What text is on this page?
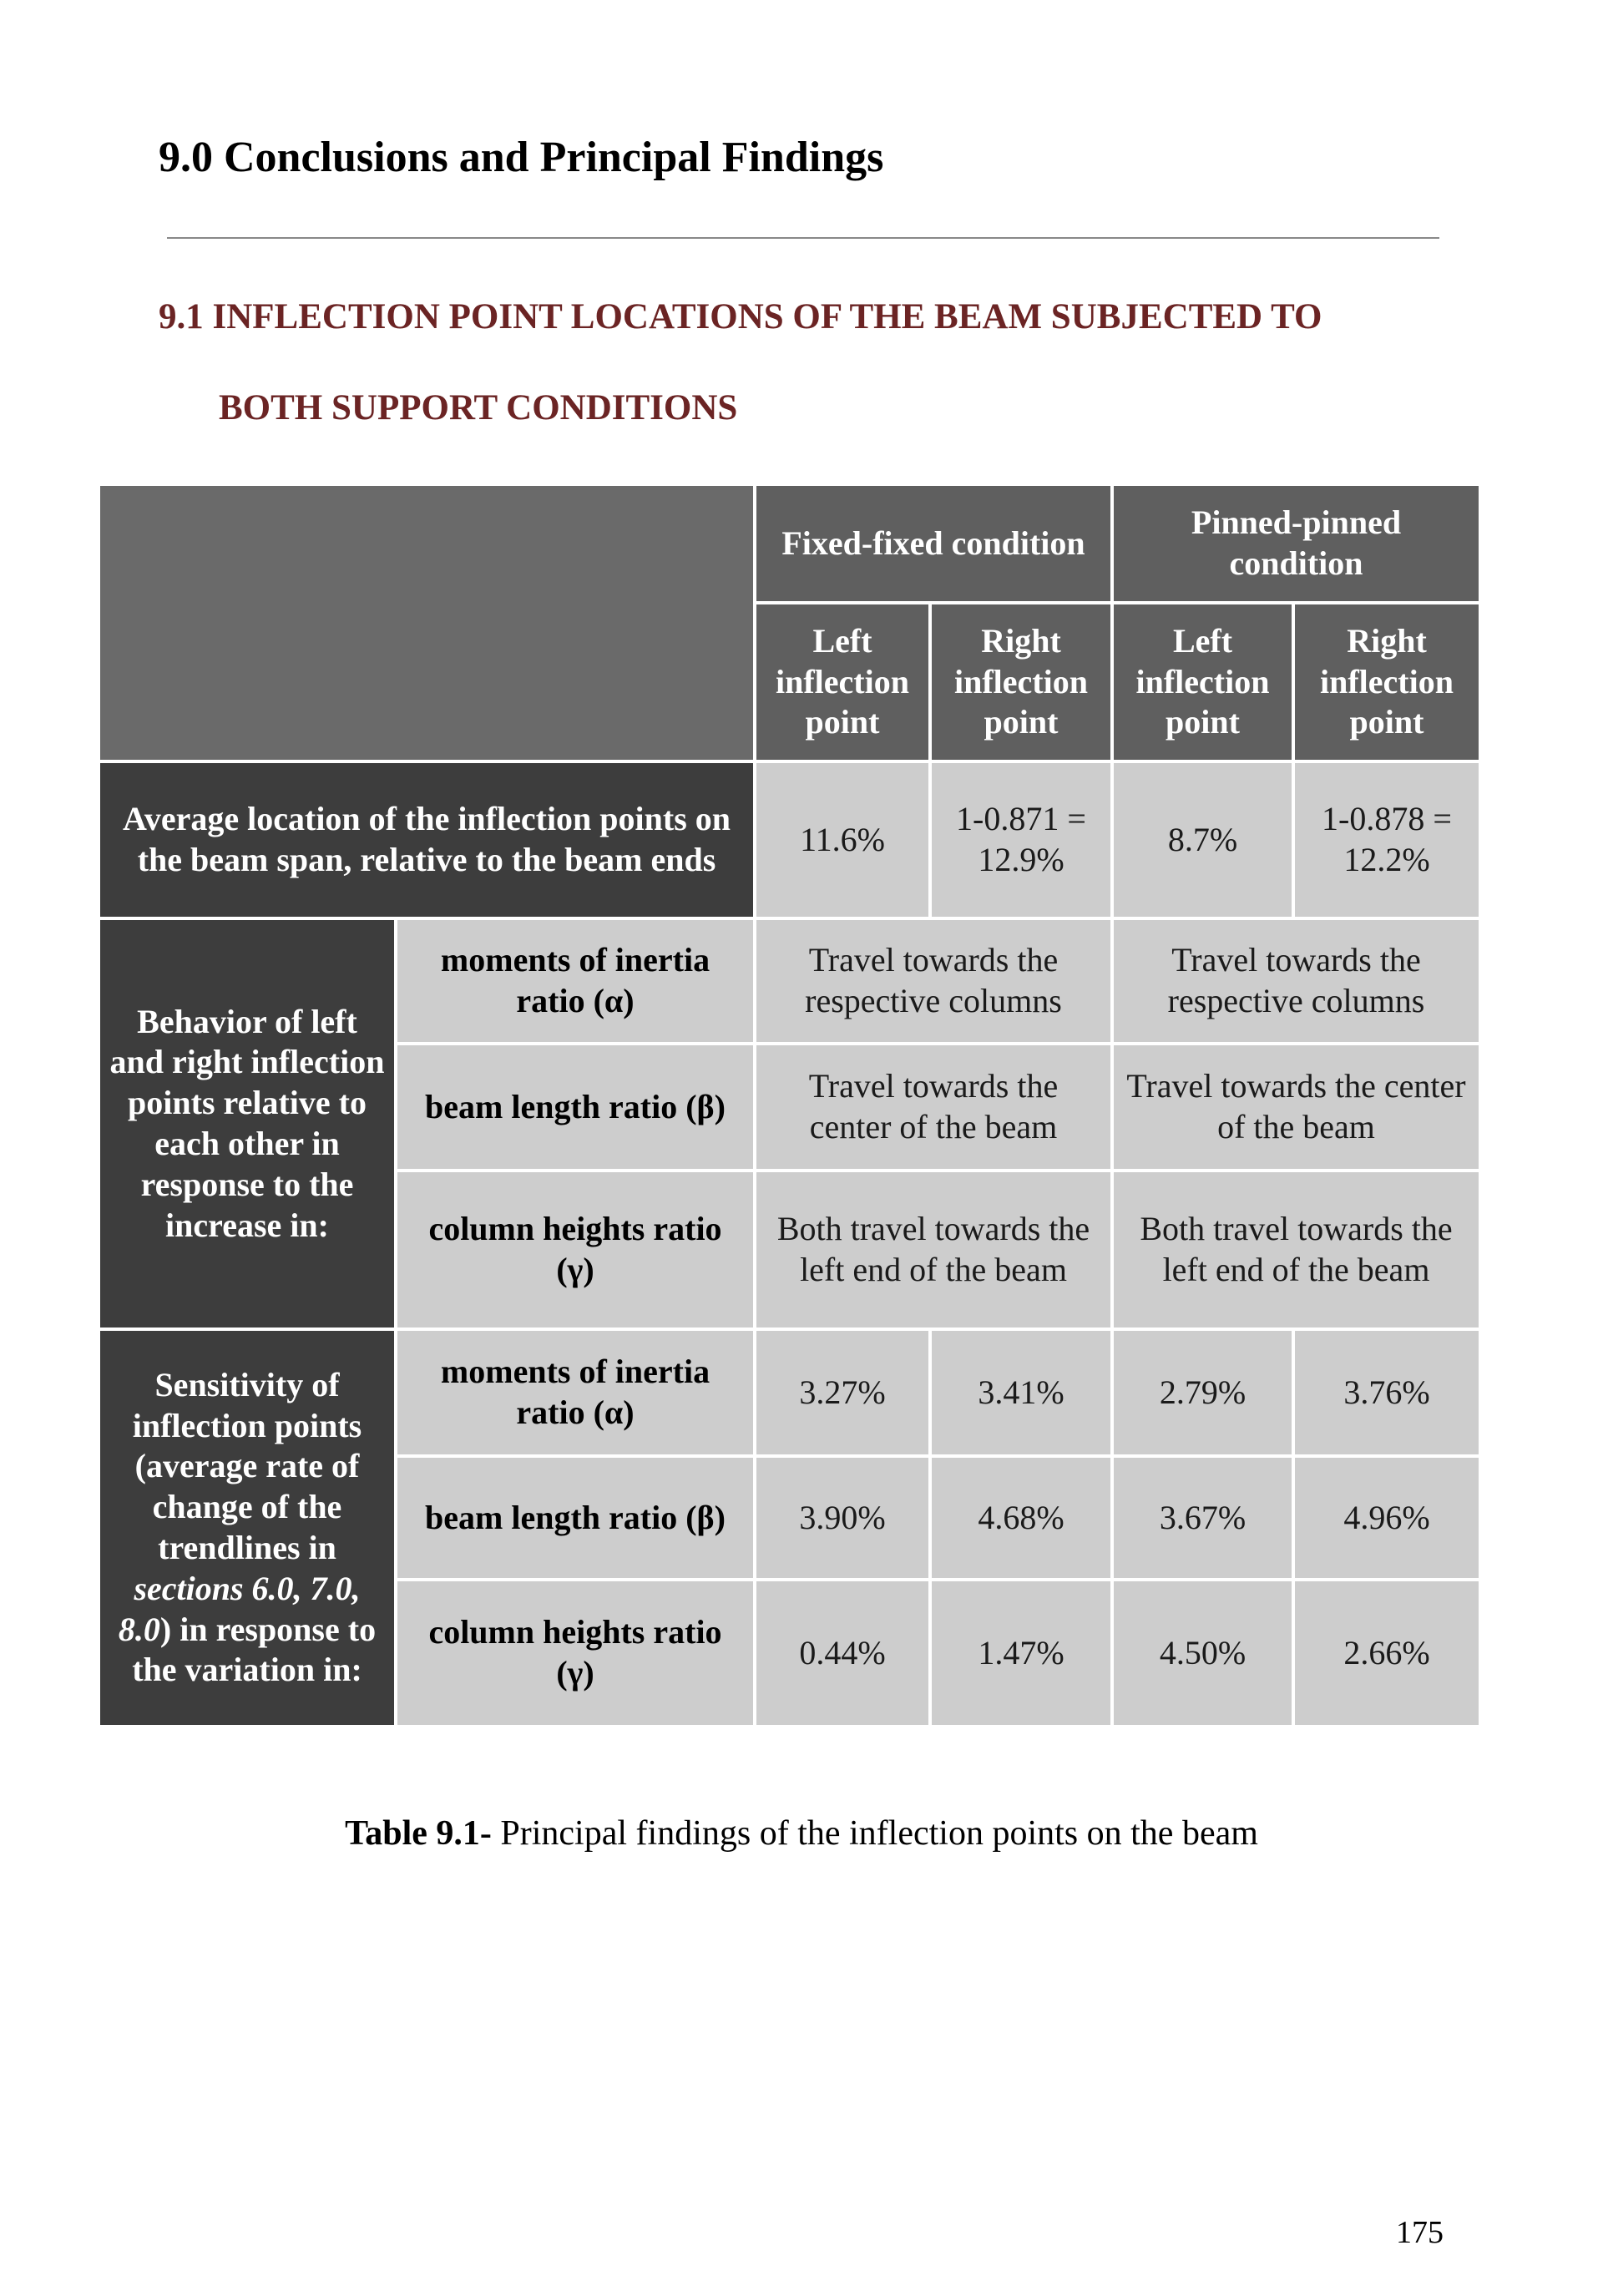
9.0 Conclusions and Principal Findings
9.1 INFLECTION POINT LOCATIONS OF THE BEAM SUBJECTED TO
BOTH SUPPORT CONDITIONS
		Fixed-fixed condition		Pinned-pinned condition	
		Left inflection point	Right inflection point	Left inflection point	Right inflection point
Average location of the inflection points on the beam span, relative to the beam ends		11.6%	1-0.871 = 12.9%	8.7%	1-0.878 = 12.2%
Behavior of left and right inflection points relative to each other in response to the increase in:	moments of inertia ratio (α)	Travel towards the respective columns		Travel towards the respective columns	
	beam length ratio (β)	Travel towards the center of the beam		Travel towards the center of the beam	
	column heights ratio (γ)	Both travel towards the left end of the beam		Both travel towards the left end of the beam	
Sensitivity of inflection points (average rate of change of the trendlines in sections 6.0, 7.0, 8.0) in response to the variation in:	moments of inertia ratio (α)	3.27%	3.41%	2.79%	3.76%
	beam length ratio (β)	3.90%	4.68%	3.67%	4.96%
	column heights ratio (γ)	0.44%	1.47%	4.50%	2.66%

Table 9.1- Principal findings of the inflection points on the beam

175
